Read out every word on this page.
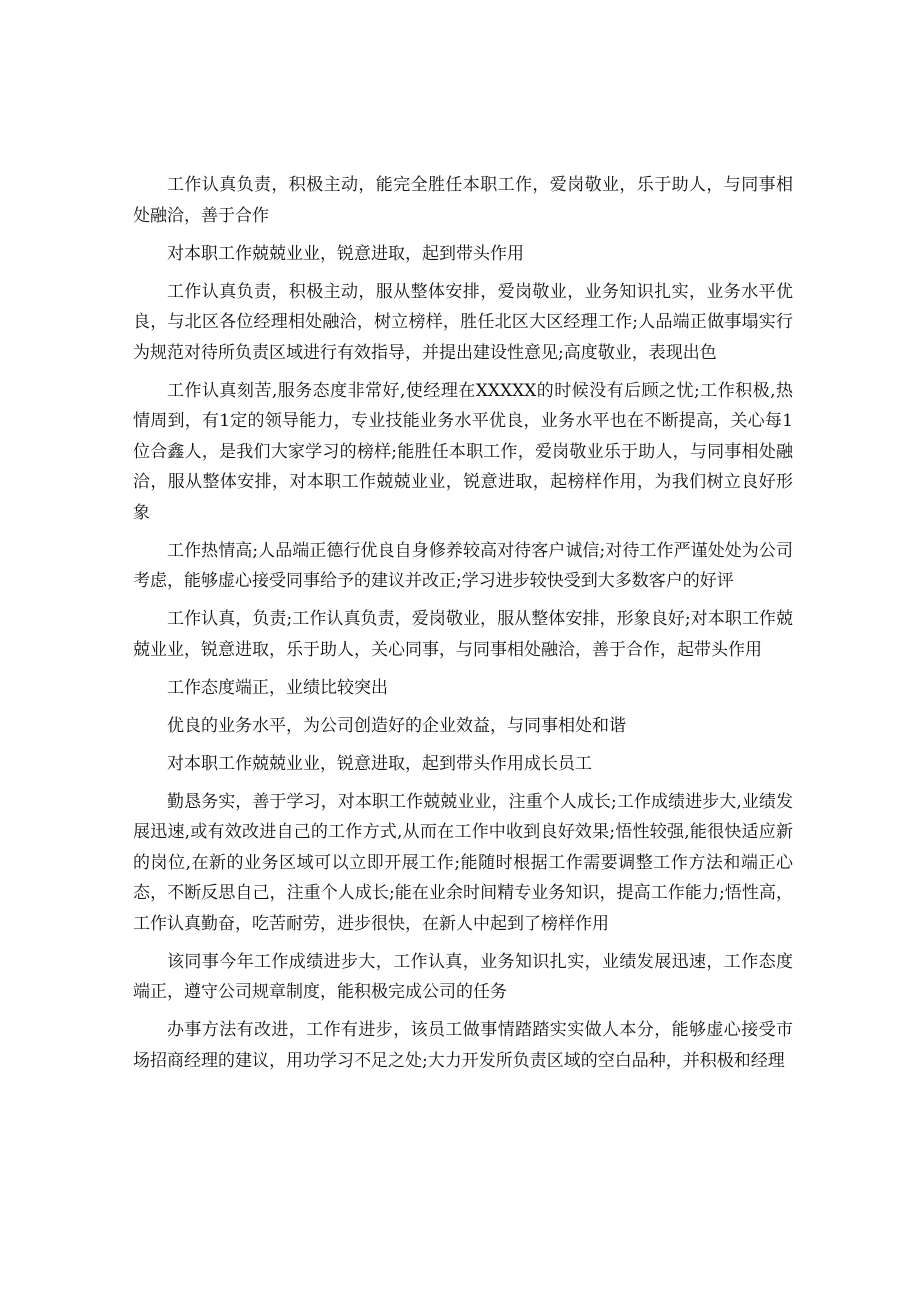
工作认真负责，积极主动，能完全胜任本职工作，爱岗敬业，乐于助人，与同事相处融洽，善于合作

对本职工作兢兢业业，锐意进取，起到带头作用

工作认真负责，积极主动，服从整体安排，爱岗敬业，业务知识扎实，业务水平优良，与北区各位经理相处融洽，树立榜样，胜任北区大区经理工作;人品端正做事塌实行为规范对待所负责区域进行有效指导，并提出建设性意见;高度敬业，表现出色

工作认真刻苦,服务态度非常好,使经理在XXXXX的时候没有后顾之忧;工作积极,热情周到，有1定的领导能力，专业技能业务水平优良，业务水平也在不断提高，关心每1位合鑫人，是我们大家学习的榜样;能胜任本职工作，爱岗敬业乐于助人，与同事相处融洽，服从整体安排，对本职工作兢兢业业，锐意进取，起榜样作用，为我们树立良好形象

工作热情高;人品端正德行优良自身修养较高对待客户诚信;对待工作严谨处处为公司考虑，能够虚心接受同事给予的建议并改正;学习进步较快受到大多数客户的好评

工作认真，负责;工作认真负责，爱岗敬业，服从整体安排，形象良好;对本职工作兢兢业业，锐意进取，乐于助人，关心同事，与同事相处融洽，善于合作，起带头作用

工作态度端正，业绩比较突出

优良的业务水平，为公司创造好的企业效益，与同事相处和谐

对本职工作兢兢业业，锐意进取，起到带头作用成长员工

勤恳务实，善于学习，对本职工作兢兢业业，注重个人成长;工作成绩进步大,业绩发展迅速,或有效改进自己的工作方式,从而在工作中收到良好效果;悟性较强,能很快适应新的岗位,在新的业务区域可以立即开展工作;能随时根据工作需要调整工作方法和端正心态，不断反思自己，注重个人成长;能在业余时间精专业务知识，提高工作能力;悟性高，工作认真勤奋，吃苦耐劳，进步很快，在新人中起到了榜样作用

该同事今年工作成绩进步大，工作认真，业务知识扎实，业绩发展迅速，工作态度端正，遵守公司规章制度，能积极完成公司的任务

办事方法有改进，工作有进步，该员工做事情踏踏实实做人本分，能够虚心接受市场招商经理的建议，用功学习不足之处;大力开发所负责区域的空白品种，并积极和经理
